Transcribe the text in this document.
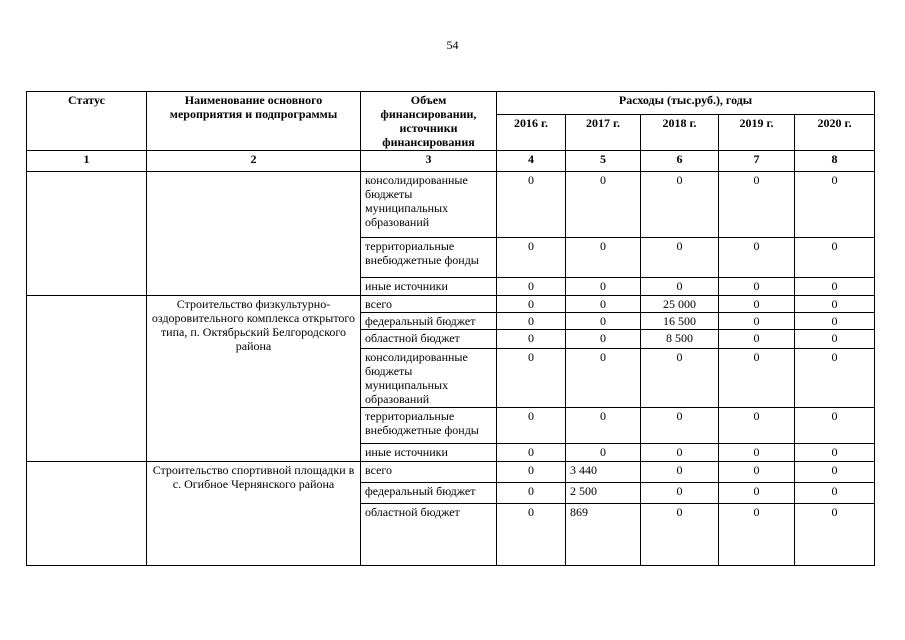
54
Статус	Наименование основного мероприятия и подпрограммы	Объем финансировании, источники финансирования	Расходы (тыс.руб.), годы				
			2016 г.	2017 г.	2018 г.	2019 г.	2020 г.
1	2	3	4	5	6	7	8
		консолидированные бюджеты муниципальных образований	0	0	0	0	0
		территориальные внебюджетные фонды	0	0	0	0	0
		иные источники	0	0	0	0	0
	Строительство физкультурно-оздоровительного комплекса открытого типа, п. Октябрьский Белгородского района	всего	0	0	25 000	0	0
		федеральный бюджет	0	0	16 500	0	0
		областной бюджет	0	0	8 500	0	0
		консолидированные бюджеты муниципальных образований	0	0	0	0	0
		территориальные внебюджетные фонды	0	0	0	0	0
		иные источники	0	0	0	0	0
	Строительство спортивной площадки в с. Огибное Чернянского района	всего	0	3 440	0	0	0
		федеральный бюджет	0	2 500	0	0	0
		областной бюджет	0	869	0	0	0
